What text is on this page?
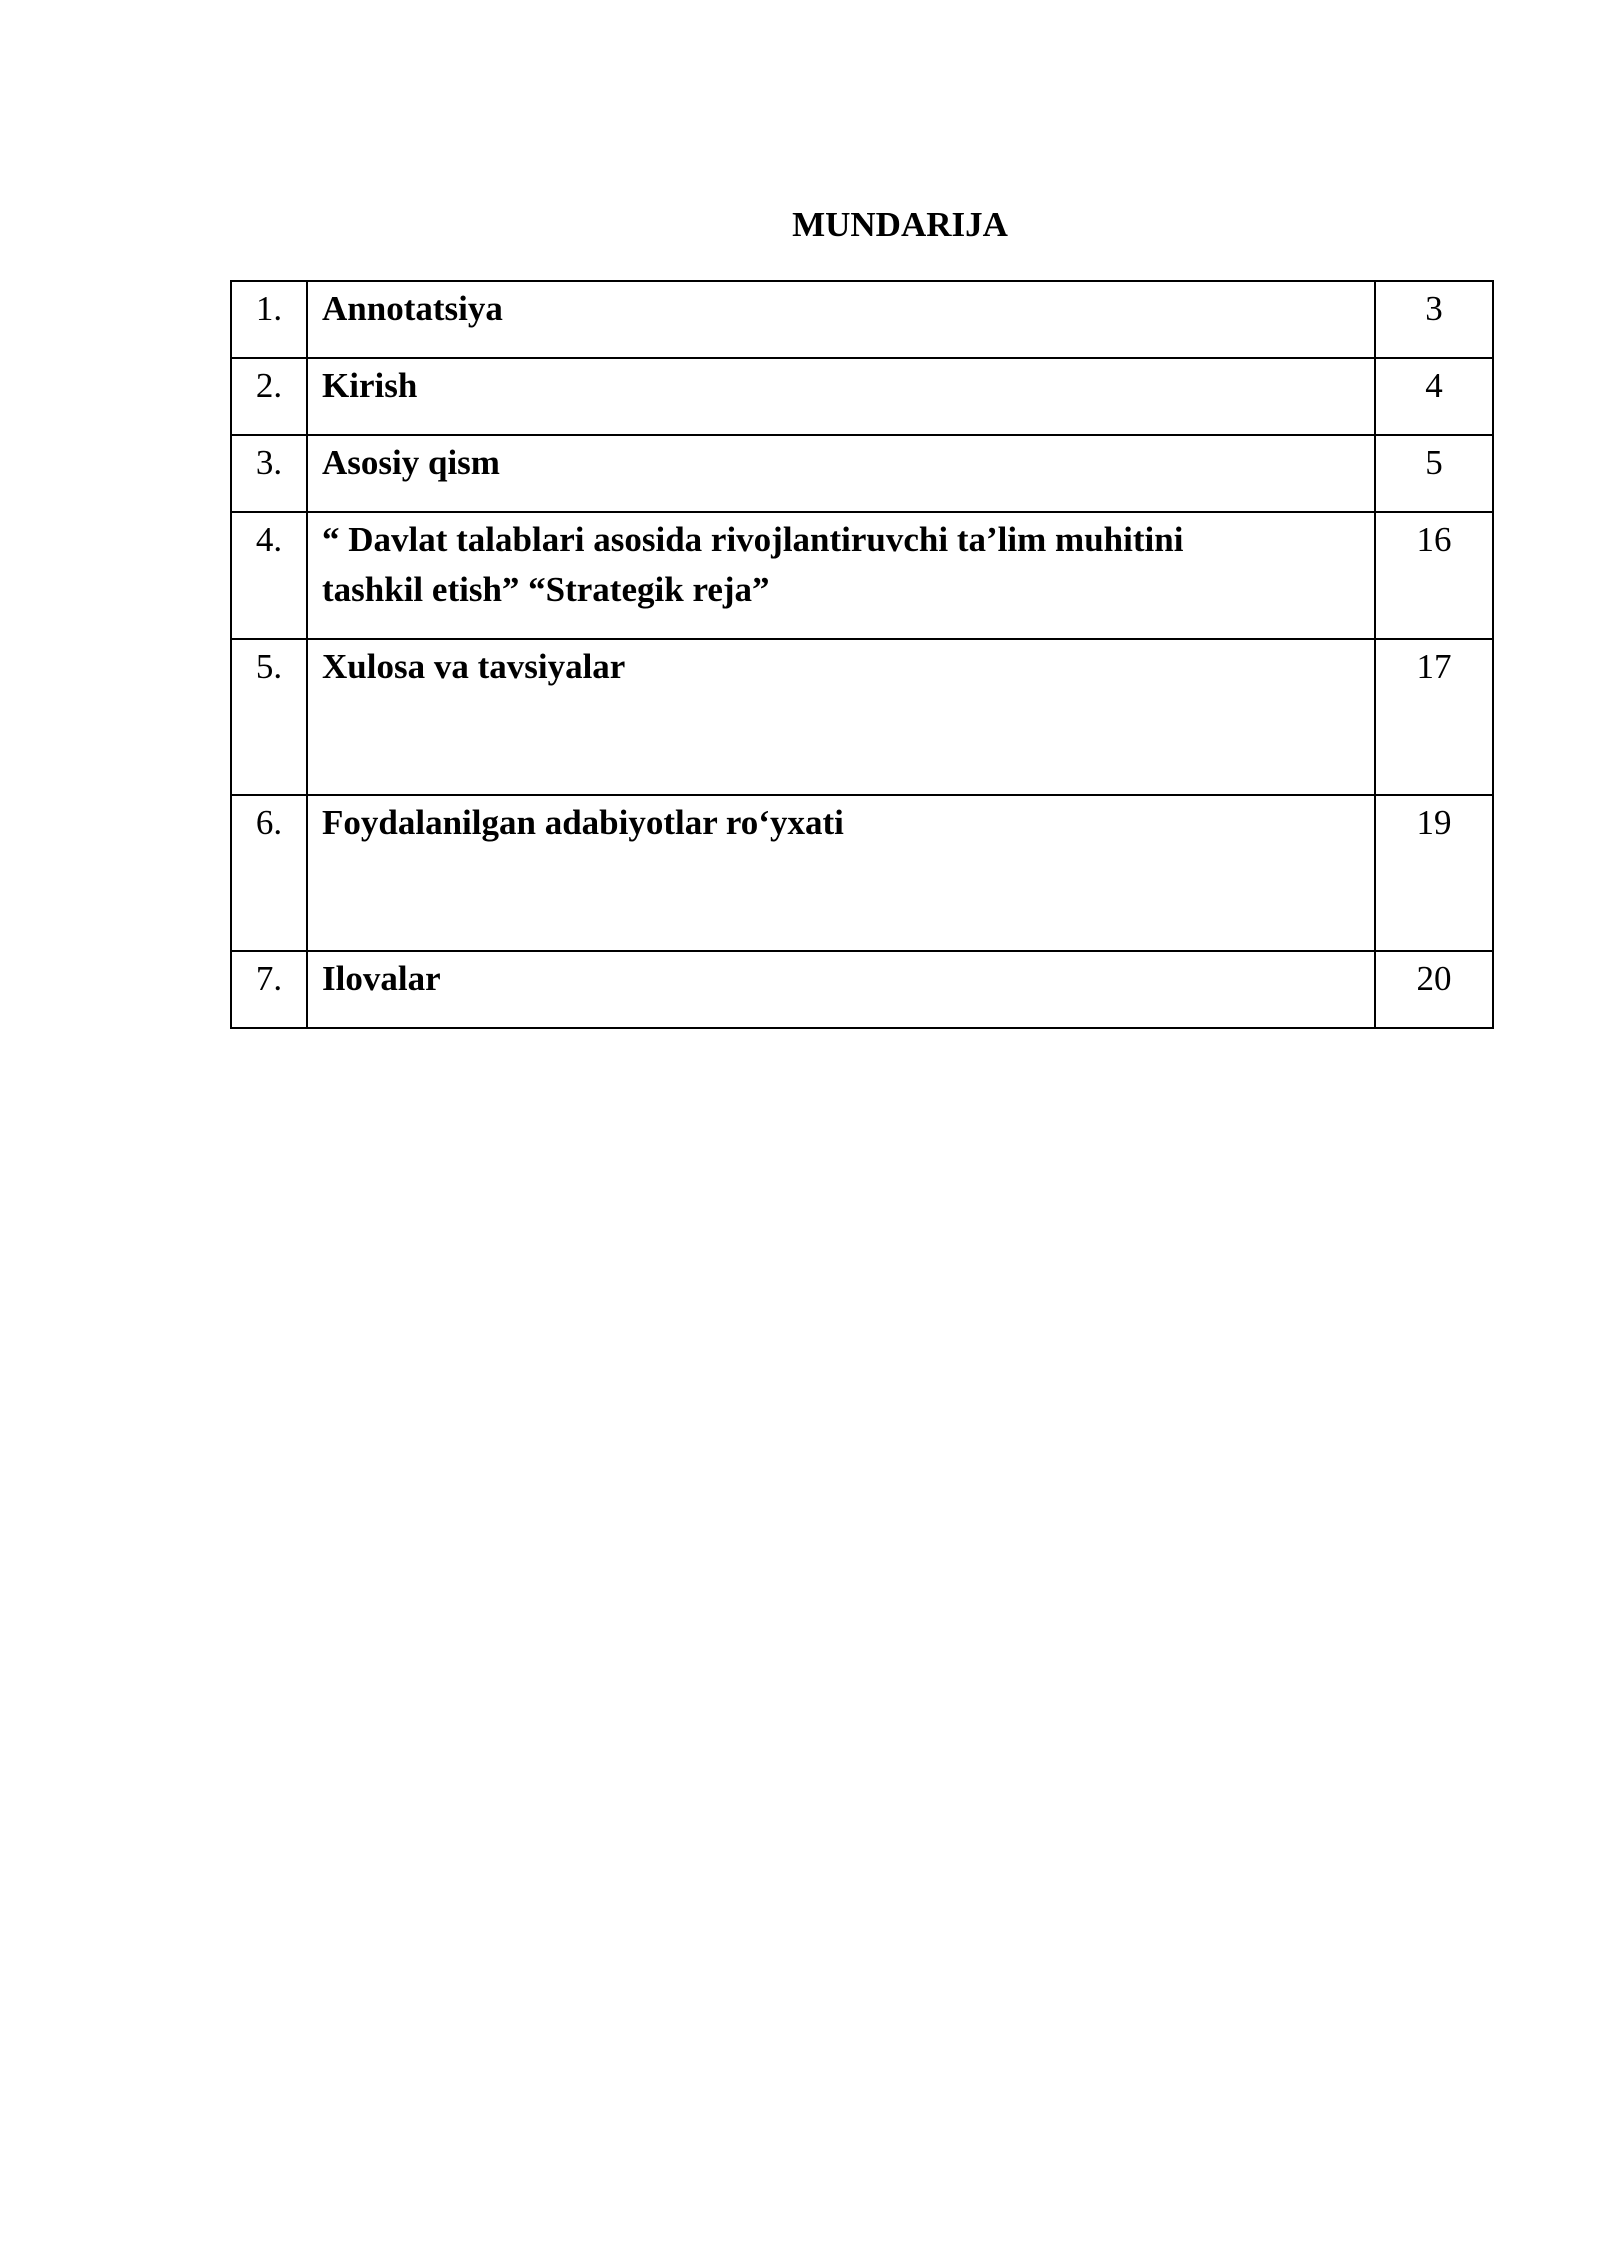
MUNDARIJA
1.	Annotatsiya	3
2.	Kirish	4
3.	Asosiy qism	5
4.	“ Davlat talablari asosida rivojlantiruvchi ta’lim muhitini
tashkil etish” “Strategik reja”	16
5.	Xulosa va tavsiyalar	17
6.	Foydalanilgan adabiyotlar ro‘yxati	19
7.	Ilovalar	20
